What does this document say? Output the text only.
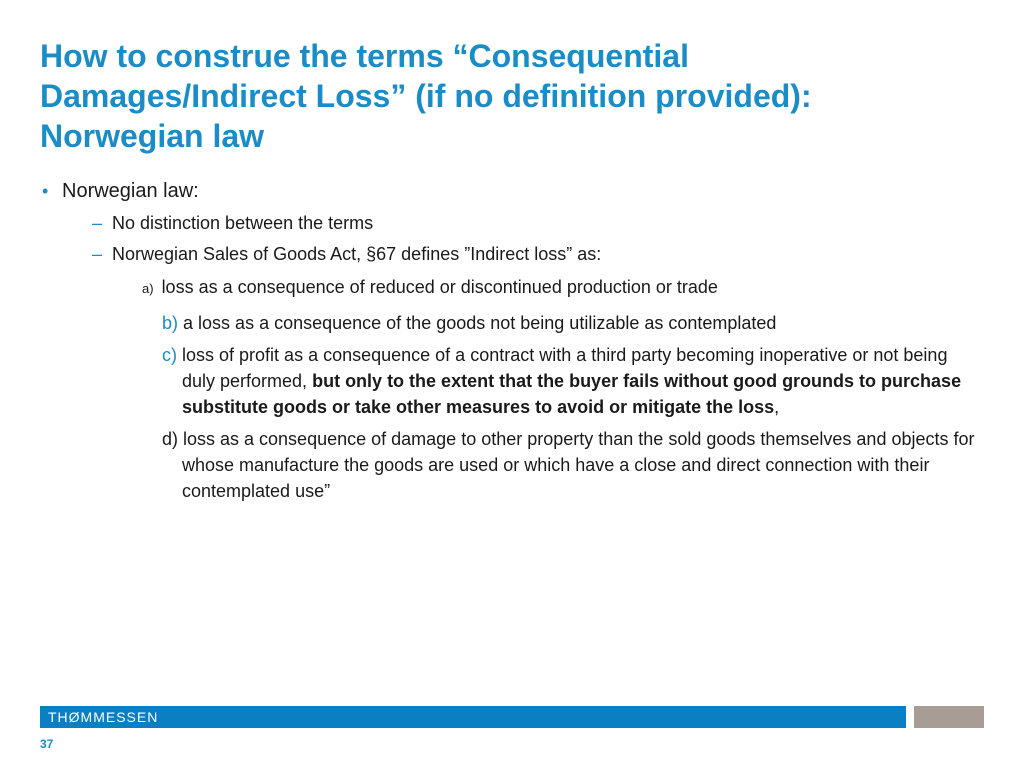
How to construe the terms “Consequential
Damages/Indirect Loss” (if no definition provided):
Norwegian law
• Norwegian law:
– No distinction between the terms
– Norwegian Sales of Goods Act, §67 defines ”Indirect loss” as:
a) loss as a consequence of reduced or discontinued production or trade
b) a loss as a consequence of the goods not being utilizable as contemplated
c) loss of profit as a consequence of a contract with a third party becoming inoperative or not being duly performed, but only to the extent that the buyer fails without good grounds to purchase substitute goods or take other measures to avoid or mitigate the loss,
d) loss as a consequence of damage to other property than the sold goods themselves and objects for whose manufacture the goods are used or which have a close and direct connection with their contemplated use”
THØMMESSEN
37
